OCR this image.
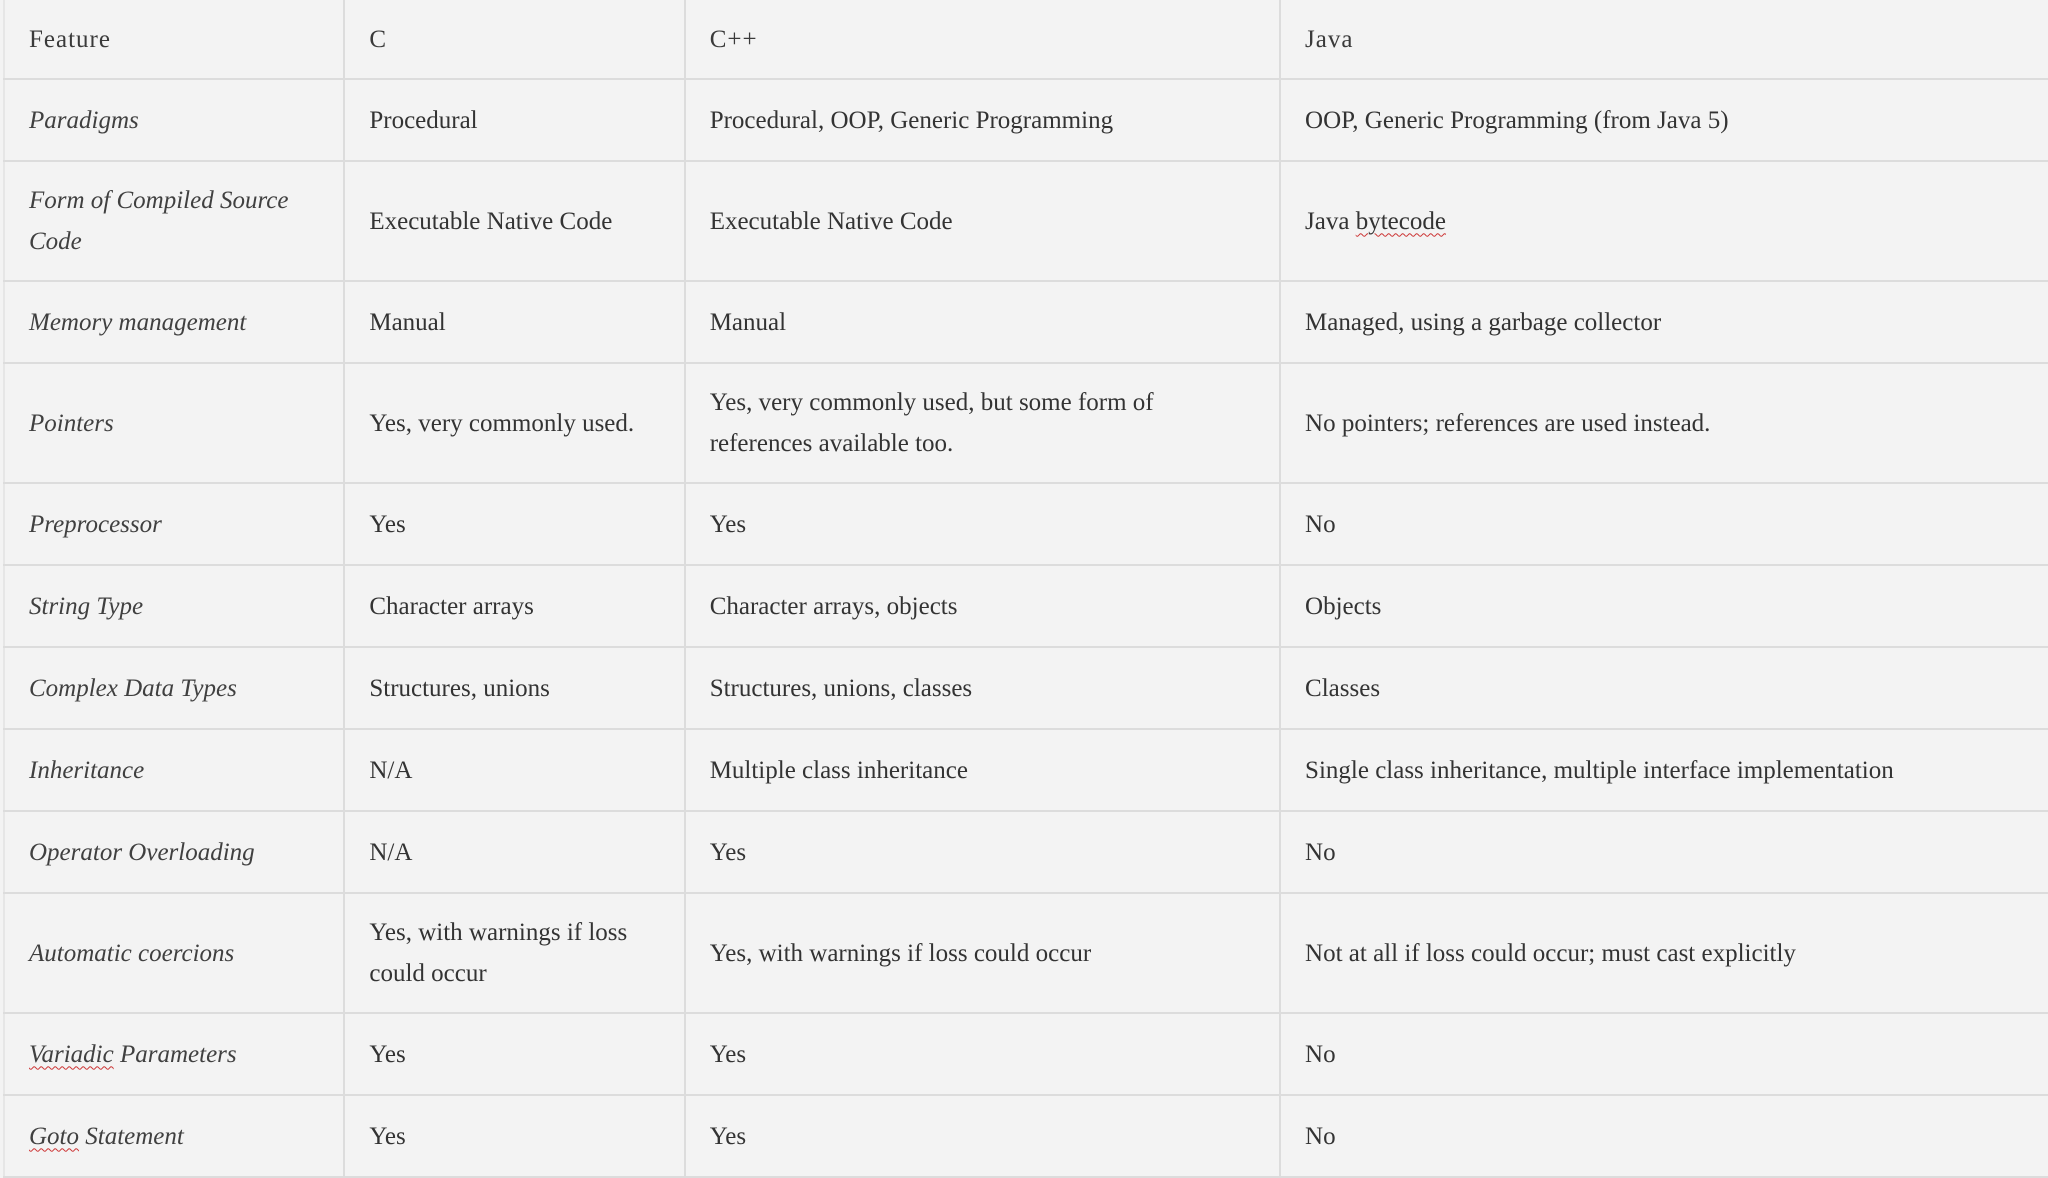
Feature	C	C++	Java
Paradigms	Procedural	Procedural, OOP, Generic Programming	OOP, Generic Programming (from Java 5)
Form of Compiled Source Code	Executable Native Code	Executable Native Code	Java bytecode
Memory management	Manual	Manual	Managed, using a garbage collector
Pointers	Yes, very commonly used.	Yes, very commonly used, but some form of references available too.	No pointers; references are used instead.
Preprocessor	Yes	Yes	No
String Type	Character arrays	Character arrays, objects	Objects
Complex Data Types	Structures, unions	Structures, unions, classes	Classes
Inheritance	N/A	Multiple class inheritance	Single class inheritance, multiple interface implementation
Operator Overloading	N/A	Yes	No
Automatic coercions	Yes, with warnings if loss could occur	Yes, with warnings if loss could occur	Not at all if loss could occur; must cast explicitly
Variadic Parameters	Yes	Yes	No
Goto Statement	Yes	Yes	No
